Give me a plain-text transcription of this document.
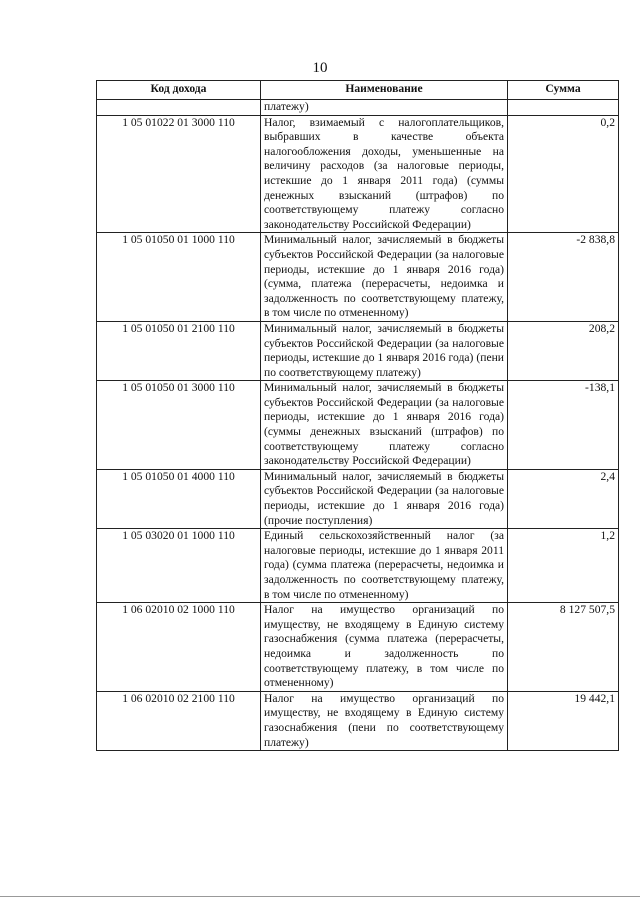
10
Код дохода	Наименование	Сумма
	платежу)	
1 05 01022 01 3000 110	Налог, взимаемый с налогоплательщиков, выбравших в качестве объекта налогообложения доходы, уменьшенные на величину расходов (за налоговые периоды, истекшие до 1 января 2011 года) (суммы денежных взысканий (штрафов) по соответствующему платежу согласно законодательству Российской Федерации)	0,2
1 05 01050 01 1000 110	Минимальный налог, зачисляемый в бюджеты субъектов Российской Федерации (за налоговые периоды, истекшие до 1 января 2016 года) (сумма, платежа (перерасчеты, недоимка и задолженность по соответствующему платежу, в том числе по отмененному)	-2 838,8
1 05 01050 01 2100 110	Минимальный налог, зачисляемый в бюджеты субъектов Российской Федерации (за налоговые периоды, истекшие до 1 января 2016 года) (пени по соответствующему платежу)	208,2
1 05 01050 01 3000 110	Минимальный налог, зачисляемый в бюджеты субъектов Российской Федерации (за налоговые периоды, истекшие до 1 января 2016 года) (суммы денежных взысканий (штрафов) по соответствующему платежу согласно законодательству Российской Федерации)	-138,1
1 05 01050 01 4000 110	Минимальный налог, зачисляемый в бюджеты субъектов Российской Федерации (за налоговые периоды, истекшие до 1 января 2016 года) (прочие поступления)	2,4
1 05 03020 01 1000 110	Единый сельскохозяйственный налог (за налоговые периоды, истекшие до 1 января 2011 года) (сумма платежа (перерасчеты, недоимка и задолженность по соответствующему платежу, в том числе по отмененному)	1,2
1 06 02010 02 1000 110	Налог на имущество организаций по имуществу, не входящему в Единую систему газоснабжения (сумма платежа (перерасчеты, недоимка и задолженность по соответствующему платежу, в том числе по отмененному)	8 127 507,5
1 06 02010 02 2100 110	Налог на имущество организаций по имуществу, не входящему в Единую систему газоснабжения (пени по соответствующему платежу)	19 442,1
